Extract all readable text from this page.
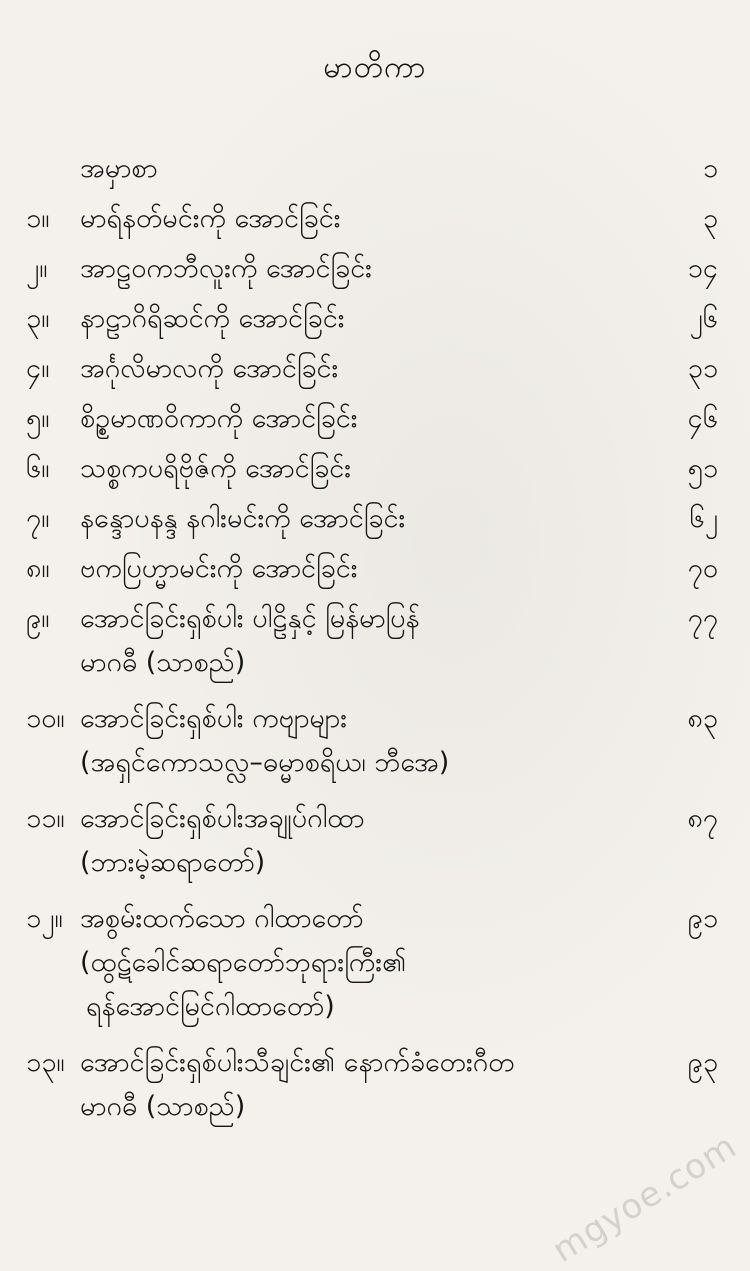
မာတိကာ
အမှာစာ	၁
၁။	မာရ်နတ်မင်းကို အောင်ခြင်း	၃
၂။	အာဠဝကဘီလူးကို အောင်ခြင်း	၁၄
၃။	နာဠာဂိရိဆင်ကို အောင်ခြင်း	၂၆
၄။	အင်္ဂုလိမာလကို အောင်ခြင်း	၃၁
၅။	စိဉ္စမာဏဝိကာကို အောင်ခြင်း	၄၆
၆။	သစ္စကပရိဗိုဇ်ကို အောင်ခြင်း	၅၁
၇။	နန္ဒောပနန္ဒ နဂါးမင်းကို အောင်ခြင်း	၆၂
၈။	ဗကပြဟ္မာမင်းကို အောင်ခြင်း	၇၀
၉။	အောင်ခြင်းရှစ်ပါး ပါဠိနှင့် မြန်မာပြန်	၇၇
မာဂဓီ (သာစည်)
၁၀။ အောင်ခြင်းရှစ်ပါး ကဗျာများ	၈၃
(အရှင်ကောသလ္လ–ဓမ္မာစရိယ၊ ဘီအေ)
၁၁။ အောင်ခြင်းရှစ်ပါးအချုပ်ဂါထာ	၈၇
(ဘားမဲ့ဆရာတော်)
၁၂။ အစွမ်းထက်သော ဂါထာတော်	၉၁
(ထွဋ်ခေါင်ဆရာတော်ဘုရားကြီး၏
ရန်အောင်မြင်ဂါထာတော်)
၁၃။ အောင်ခြင်းရှစ်ပါးသီချင်း၏ နောက်ခံတေးဂီတ	၉၃
မာဂဓီ (သာစည်)
mgyoe.com
